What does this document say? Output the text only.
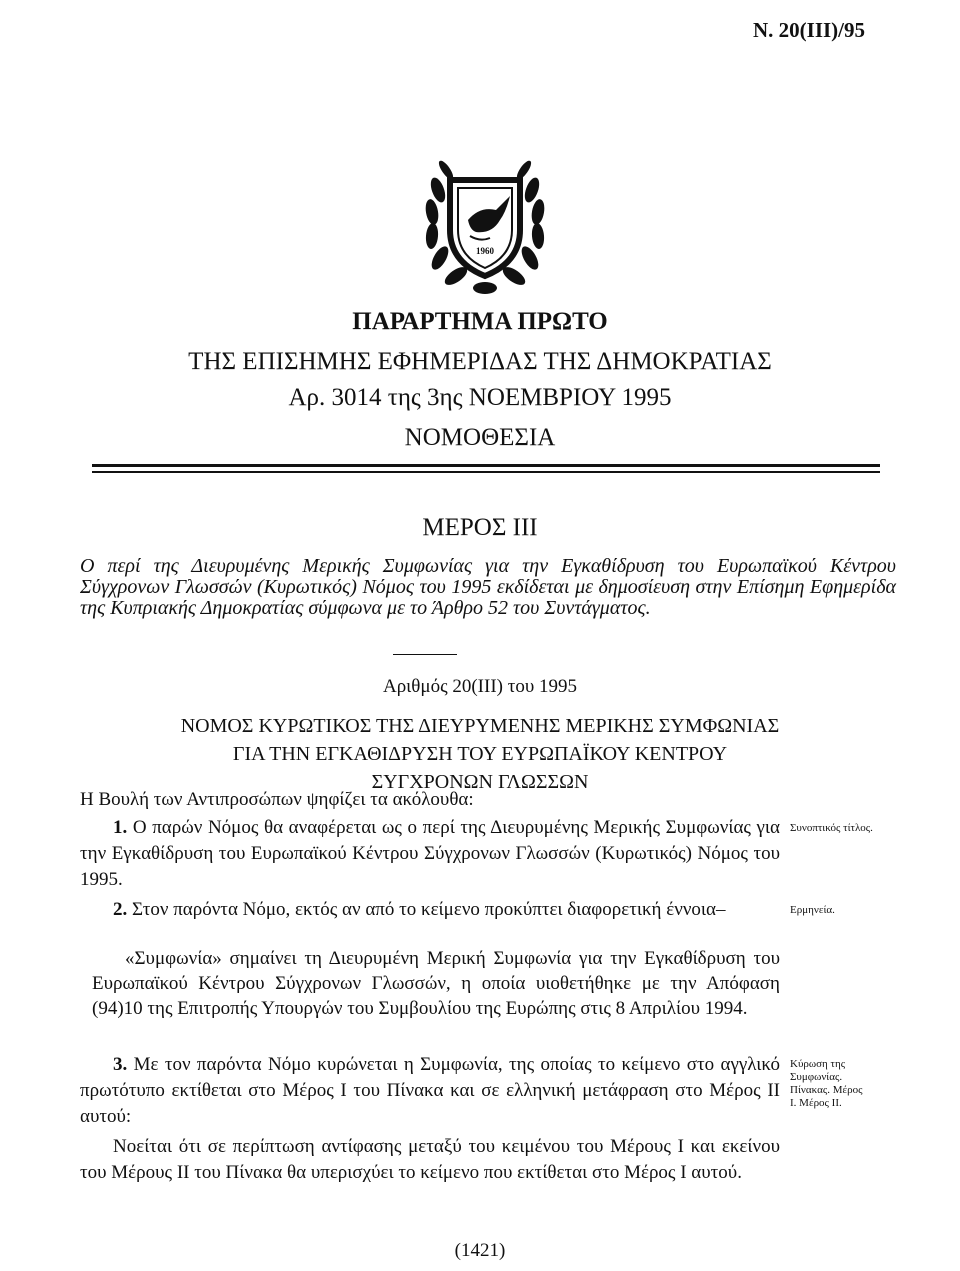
Ν. 20(ΙΙΙ)/95
1960
ΠΑΡΑΡΤΗΜΑ ΠΡΩΤΟ
ΤΗΣ ΕΠΙΣΗΜΗΣ ΕΦΗΜΕΡΙΔΑΣ ΤΗΣ ΔΗΜΟΚΡΑΤΙΑΣ
Αρ. 3014 της 3ης ΝΟΕΜΒΡΙΟΥ 1995
ΝΟΜΟΘΕΣΙΑ
ΜΕΡΟΣ ΙΙΙ
Ο περί της Διευρυμένης Μερικής Συμφωνίας για την Εγκαθίδρυση του Ευρωπαϊκού Κέντρου Σύγχρονων Γλωσσών (Κυρωτικός) Νόμος του 1995 εκδίδεται με δημοσίευση στην Επίσημη Εφημερίδα της Κυπριακής Δημοκρατίας σύμφωνα με το Άρθρο 52 του Συντάγματος.
Αριθμός 20(ΙΙΙ) του 1995
ΝΟΜΟΣ ΚΥΡΩΤΙΚΟΣ ΤΗΣ ΔΙΕΥΡΥΜΕΝΗΣ ΜΕΡΙΚΗΣ ΣΥΜΦΩΝΙΑΣ
ΓΙΑ ΤΗΝ ΕΓΚΑΘΙΔΡΥΣΗ ΤΟΥ ΕΥΡΩΠΑΪΚΟΥ ΚΕΝΤΡΟΥ
ΣΥΓΧΡΟΝΩΝ ΓΛΩΣΣΩΝ
Η Βουλή των Αντιπροσώπων ψηφίζει τα ακόλουθα:
1. Ο παρών Νόμος θα αναφέρεται ως ο περί της Διευρυμένης Μερικής Συμφωνίας για την Εγκαθίδρυση του Ευρωπαϊκού Κέντρου Σύγχρονων Γλωσσών (Κυρωτικός) Νόμος του 1995.
Συνοπτικός τίτλος.
2. Στον παρόντα Νόμο, εκτός αν από το κείμενο προκύπτει διαφορετική έννοια–	Ερμηνεία.
«Συμφωνία» σημαίνει τη Διευρυμένη Μερική Συμφωνία για την Εγκαθίδρυση του Ευρωπαϊκού Κέντρου Σύγχρονων Γλωσσών, η οποία υιοθετήθηκε με την Απόφαση (94)10 της Επιτροπής Υπουργών του Συμβουλίου της Ευρώπης στις 8 Απριλίου 1994.
3. Με τον παρόντα Νόμο κυρώνεται η Συμφωνία, της οποίας το κείμενο στο αγγλικό πρωτότυπο εκτίθεται στο Μέρος Ι του Πίνακα και σε ελληνική μετάφραση στο Μέρος ΙΙ αυτού:
Κύρωση της Συμφωνίας. Πίνακας. Μέρος Ι. Μέρος ΙΙ.
Νοείται ότι σε περίπτωση αντίφασης μεταξύ του κειμένου του Μέρους Ι και εκείνου του Μέρους ΙΙ του Πίνακα θα υπερισχύει το κείμενο που εκτίθεται στο Μέρος Ι αυτού.
(1421)
